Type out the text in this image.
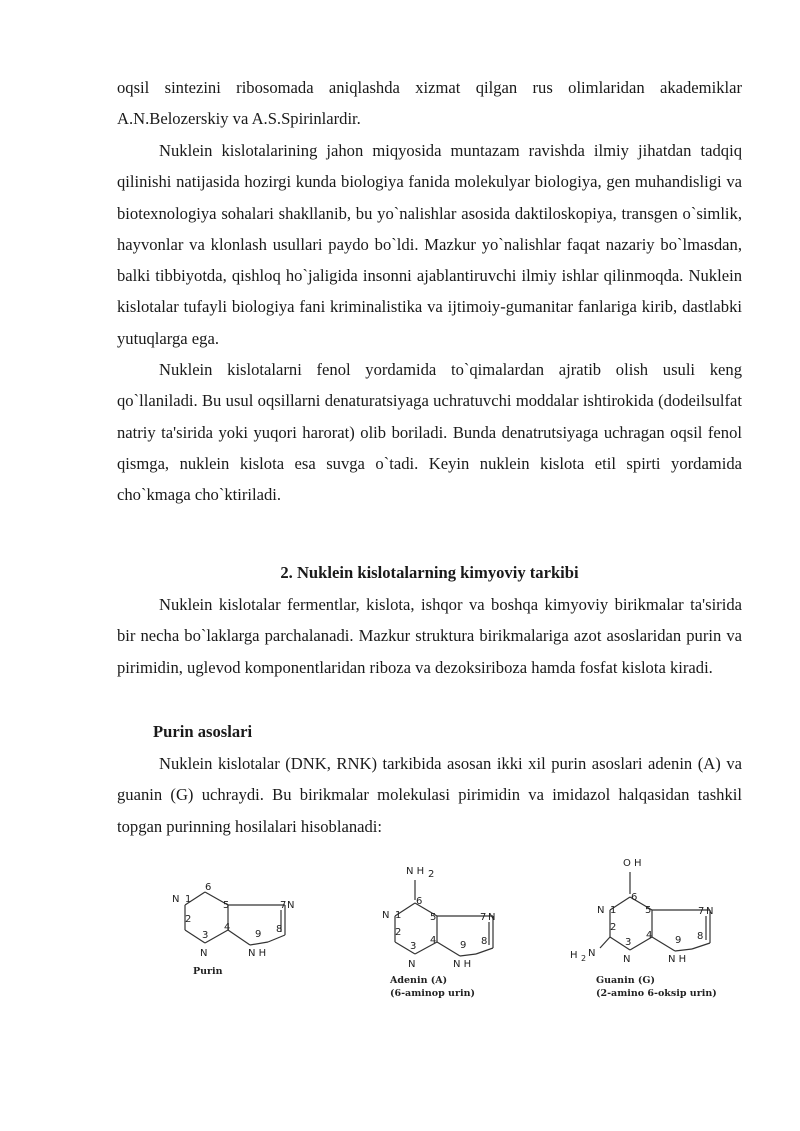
oqsil sintezini ribosomada aniqlashda xizmat qilgan rus olimlaridan akademiklar A.N.Belozerskiy va A.S.Spirinlardir.

Nuklein kislotalarining jahon miqyosida muntazam ravishda ilmiy jihatdan tadqiq qilinishi natijasida hozirgi kunda biologiya fanida molekulyar biologiya, gen muhandisligi va biotexnologiya sohalari shakllanib, bu yo`nalishlar asosida daktiloskopiya, transgen o`simlik, hayvonlar va klonlash usullari paydo bo`ldi. Mazkur yo`nalishlar faqat nazariy bo`lmasdan, balki tibbiyotda, qishloq ho`jaligida insonni ajablantiruvchi ilmiy ishlar qilinmoqda. Nuklein kislotalar tufayli biologiya fani kriminalistika va ijtimoiy-gumanitar fanlariga kirib, dastlabki yutuqlarga ega.

Nuklein kislotalarni fenol yordamida to`qimalardan ajratib olish usuli keng qo`llaniladi. Bu usul oqsillarni denaturatsiyaga uchratuvchi moddalar ishtirokida (dodeilsulfat natriy ta'sirida yoki yuqori harorat) olib boriladi. Bunda denatrutsiyaga uchragan oqsil fenol qismga, nuklein kislota esa suvga o`tadi. Keyin nuklein kislota etil spirti yordamida cho`kmaga cho`ktiriladi.

2. Nuklein kislotalarning kimyoviy tarkibi

Nuklein kislotalar fermentlar, kislota, ishqor va boshqa kimyoviy birikmalar ta'sirida bir necha bo`laklarga parchalanadi. Mazkur struktura birikmalariga azot asoslaridan purin va pirimidin, uglevod komponentlaridan riboza va dezoksiriboza hamda fosfat kislota kiradi.

Purin asoslari

Nuklein kislotalar (DNK, RNK) tarkibida asosan ikki xil purin asoslari adenin (A) va guanin (G) uchraydi. Bu birikmalar molekulasi pirimidin va imidazol halqasidan tashkil topgan purinning hosilalari hisoblanadi:

N 1
6
2
3
N
5
4
9
N H
7 N
8
Purin
N H 2
N 1
6
2
3
N
5
4 9
N H
7 N
8
Adenin (A)
(6-aminop urin)
O H
N 1
6
2
3
N
5
4 9
N H
7 N
8
H 2 N
Guanin (G)
(2-amino 6-oksip urin)
